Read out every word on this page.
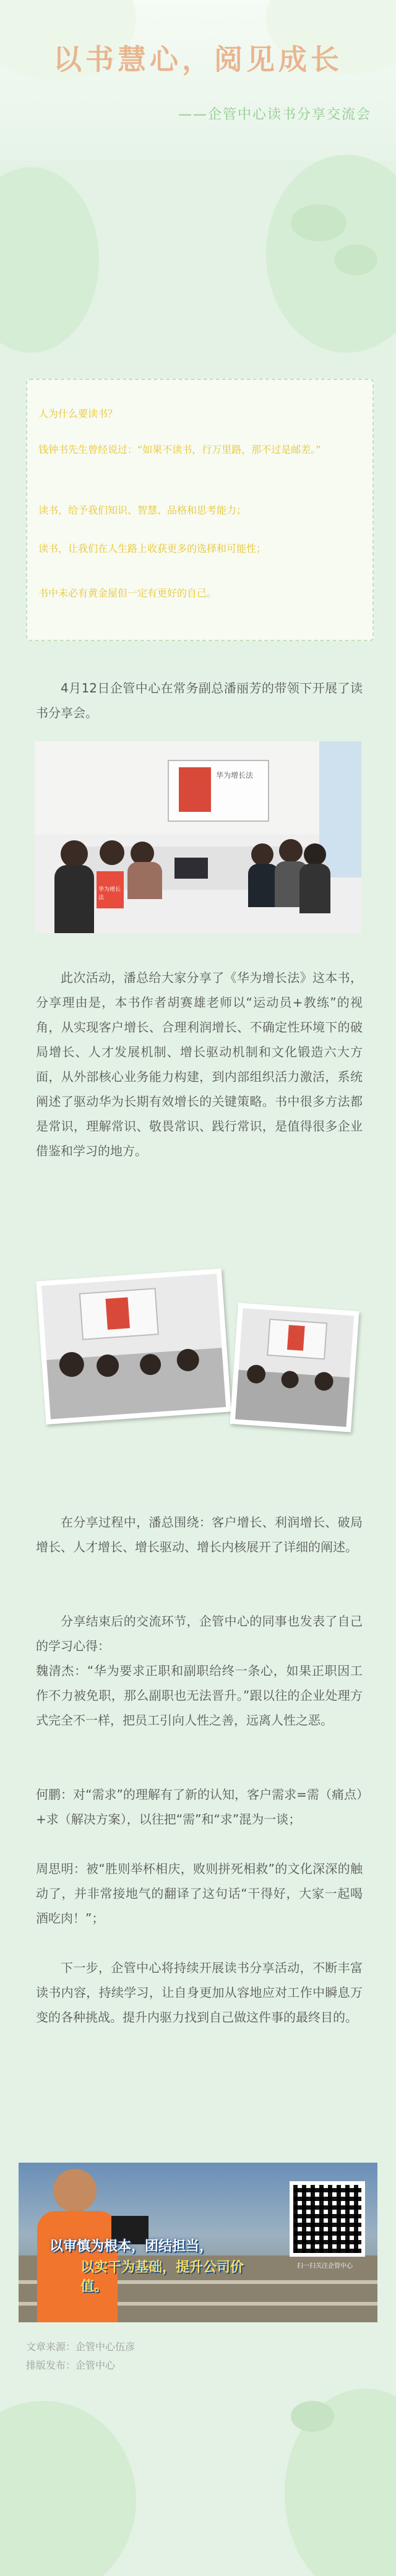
以书慧心，阅见成长
——企管中心读书分享交流会
人为什么要读书？
钱钟书先生曾经说过：“如果不读书，行万里路，那不过是邮差。”
读书，给予我们知识、智慧、品格和思考能力；
读书，让我们在人生路上收获更多的选择和可能性；
书中未必有黄金屋但一定有更好的自己。
4月12日企管中心在常务副总潘丽芳的带领下开展了读书分享会。
华为增长法
华为增长法
此次活动，潘总给大家分享了《华为增长法》这本书，分享理由是，本书作者胡赛雄老师以“运动员+教练”的视角，从实现客户增长、合理利润增长、不确定性环境下的破局增长、人才发展机制、增长驱动机制和文化锻造六大方面，从外部核心业务能力构建，到内部组织活力激活，系统阐述了驱动华为长期有效增长的关键策略。书中很多方法都是常识，理解常识、敬畏常识、践行常识，是值得很多企业借鉴和学习的地方。
在分享过程中，潘总围绕：客户增长、利润增长、破局增长、人才增长、增长驱动、增长内核展开了详细的阐述。
分享结束后的交流环节，企管中心的同事也发表了自己的学习心得：
魏清杰：“华为要求正职和副职给终一条心，如果正职因工作不力被免职，那么副职也无法晋升。”跟以往的企业处理方式完全不一样，把员工引向人性之善，远离人性之恶。
何鹏：对“需求”的理解有了新的认知，客户需求=需（痛点）+求（解决方案），以往把“需”和“求”混为一谈；
周思明：被“胜则举杯相庆，败则拼死相救”的文化深深的触动了，并非常接地气的翻译了这句话“干得好，大家一起喝酒吃肉！”；
下一步，企管中心将持续开展读书分享活动，不断丰富读书内容，持续学习，让自身更加从容地应对工作中瞬息万变的各种挑战。提升内驱力找到自己做这件事的最终目的。
以审慎为根本，团结担当，
以实干为基础，提升公司价值。
扫一扫关注企管中心
文章来源：企管中心伍彦
排版发布：企管中心
